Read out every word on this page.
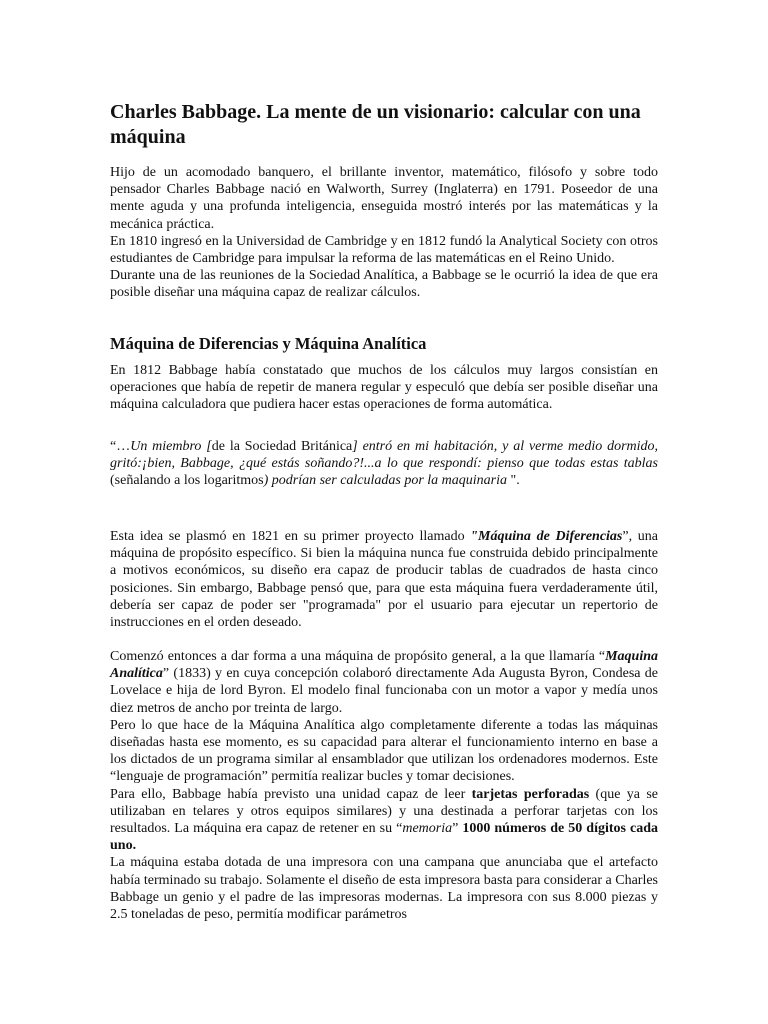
Charles Babbage. La mente de un visionario: calcular con una máquina

Hijo de un acomodado banquero, el brillante inventor, matemático, filósofo y sobre todo pensador Charles Babbage nació en Walworth, Surrey (Inglaterra) en 1791. Poseedor de una mente aguda y una profunda inteligencia, enseguida mostró interés por las matemáticas y la mecánica práctica.

En 1810 ingresó en la Universidad de Cambridge y en 1812 fundó la Analytical Society con otros estudiantes de Cambridge para impulsar la reforma de las matemáticas en el Reino Unido.

Durante una de las reuniones de la Sociedad Analítica, a Babbage se le ocurrió la idea de que era posible diseñar una máquina capaz de realizar cálculos.

Máquina de Diferencias y Máquina Analítica

En 1812 Babbage había constatado que muchos de los cálculos muy largos consistían en operaciones que había de repetir de manera regular y especuló que debía ser posible diseñar una máquina calculadora que pudiera hacer estas operaciones de forma automática.

“…Un miembro [de la Sociedad Británica] entró en mi habitación, y al verme medio dormido, gritó:¡bien, Babbage, ¿qué estás soñando?!...a lo que respondí: pienso que todas estas tablas (señalando a los logaritmos) podrían ser calculadas por la maquinaria ".

Esta idea se plasmó en 1821 en su primer proyecto llamado "Máquina de Diferencias”, una máquina de propósito específico. Si bien la máquina nunca fue construida debido principalmente a motivos económicos, su diseño era capaz de producir tablas de cuadrados de hasta cinco posiciones. Sin embargo, Babbage pensó que, para que esta máquina fuera verdaderamente útil, debería ser capaz de poder ser "programada" por el usuario para ejecutar un repertorio de instrucciones en el orden deseado.

Comenzó entonces a dar forma a una máquina de propósito general, a la que llamaría “Maquina Analítica” (1833) y en cuya concepción colaboró directamente Ada Augusta Byron, Condesa de Lovelace e hija de lord Byron. El modelo final funcionaba con un motor a vapor y medía unos diez metros de ancho por treinta de largo.

Pero lo que hace de la Máquina Analítica algo completamente diferente a todas las máquinas diseñadas hasta ese momento, es su capacidad para alterar el funcionamiento interno en base a los dictados de un programa similar al ensamblador que utilizan los ordenadores modernos. Este “lenguaje de programación” permitía realizar bucles y tomar decisiones.

Para ello, Babbage había previsto una unidad capaz de leer tarjetas perforadas (que ya se utilizaban en telares y otros equipos similares) y una destinada a perforar tarjetas con los resultados. La máquina era capaz de retener en su “memoria” 1000 números de 50 dígitos cada uno.

La máquina estaba dotada de una impresora con una campana que anunciaba que el artefacto había terminado su trabajo. Solamente el diseño de esta impresora basta para considerar a Charles Babbage un genio y el padre de las impresoras modernas. La impresora con sus 8.000 piezas y 2.5 toneladas de peso, permitía modificar parámetros
